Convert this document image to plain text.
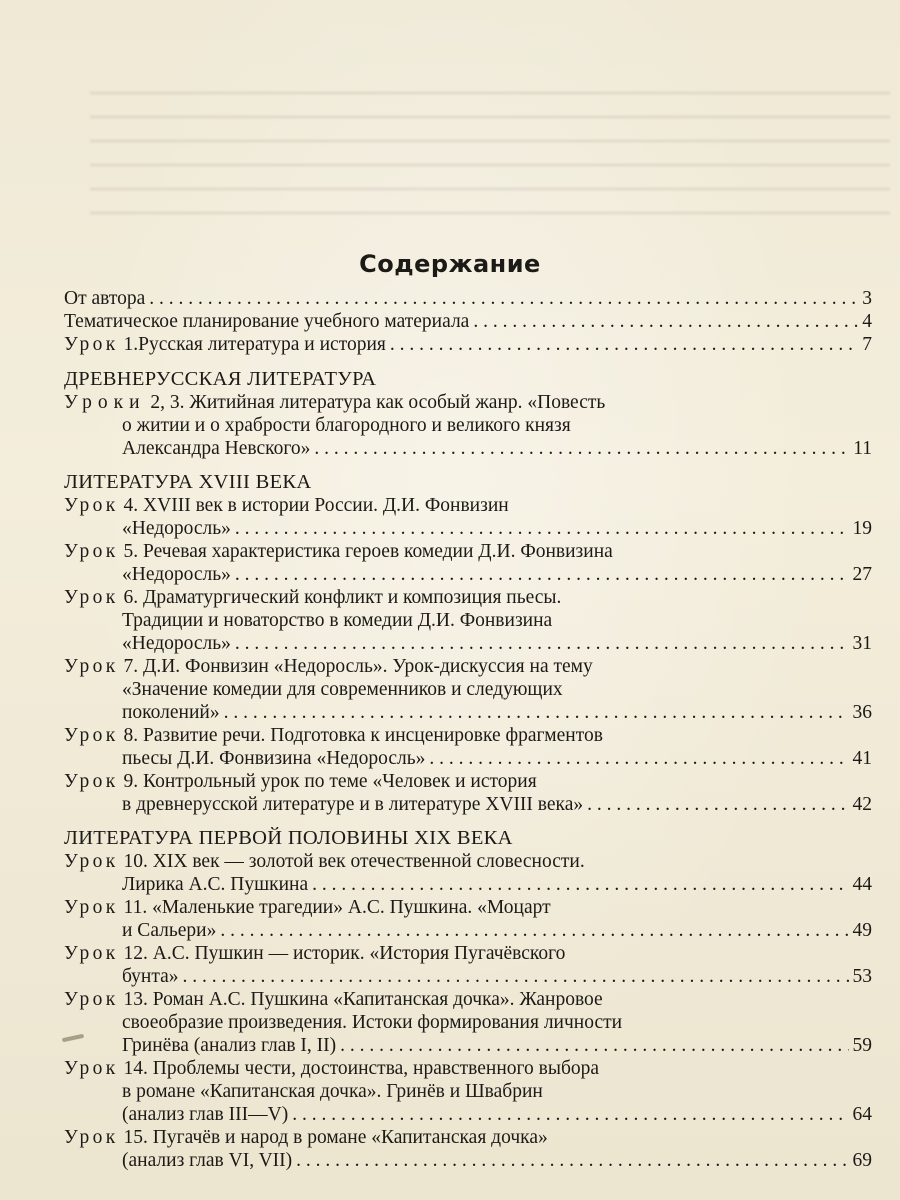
Содержание
От автора . . .	3
Тематическое планирование учебного материала . . .	4
Урок 1. Русская литература и история . . .	7
ДРЕВНЕРУССКАЯ ЛИТЕРАТУРА
Уроки 2, 3. Житийная литература как особый жанр. «Повесть
о житии и о храбрости благородного и великого князя
Александра Невского» . . .	11
ЛИТЕРАТУРА XVIII ВЕКА
Урок 4. XVIII век в истории России. Д.И. Фонвизин
«Недоросль» . . .	19
Урок 5. Речевая характеристика героев комедии Д.И. Фонвизина
«Недоросль» . . .	27
Урок 6. Драматургический конфликт и композиция пьесы.
Традиции и новаторство в комедии Д.И. Фонвизина
«Недоросль» . . .	31
Урок 7. Д.И. Фонвизин «Недоросль». Урок-дискуссия на тему
«Значение комедии для современников и следующих
поколений» . . .	36
Урок 8. Развитие речи. Подготовка к инсценировке фрагментов
пьесы Д.И. Фонвизина «Недоросль» . . .	41
Урок 9. Контрольный урок по теме «Человек и история
в древнерусской литературе и в литературе XVIII века» . . .	42
ЛИТЕРАТУРА ПЕРВОЙ ПОЛОВИНЫ XIX ВЕКА
Урок 10. XIX век — золотой век отечественной словесности.
Лирика А.С. Пушкина . . .	44
Урок 11. «Маленькие трагедии» А.С. Пушкина. «Моцарт
и Сальери» . . .	49
Урок 12. А.С. Пушкин — историк. «История Пугачёвского
бунта» . . .	53
Урок 13. Роман А.С. Пушкина «Капитанская дочка». Жанровое
своеобразие произведения. Истоки формирования личности
Гринёва (анализ глав I, II) . . .	59
Урок 14. Проблемы чести, достоинства, нравственного выбора
в романе «Капитанская дочка». Гринёв и Швабрин
(анализ глав III—V) . . .	64
Урок 15. Пугачёв и народ в романе «Капитанская дочка»
(анализ глав VI, VII) . . .	69
